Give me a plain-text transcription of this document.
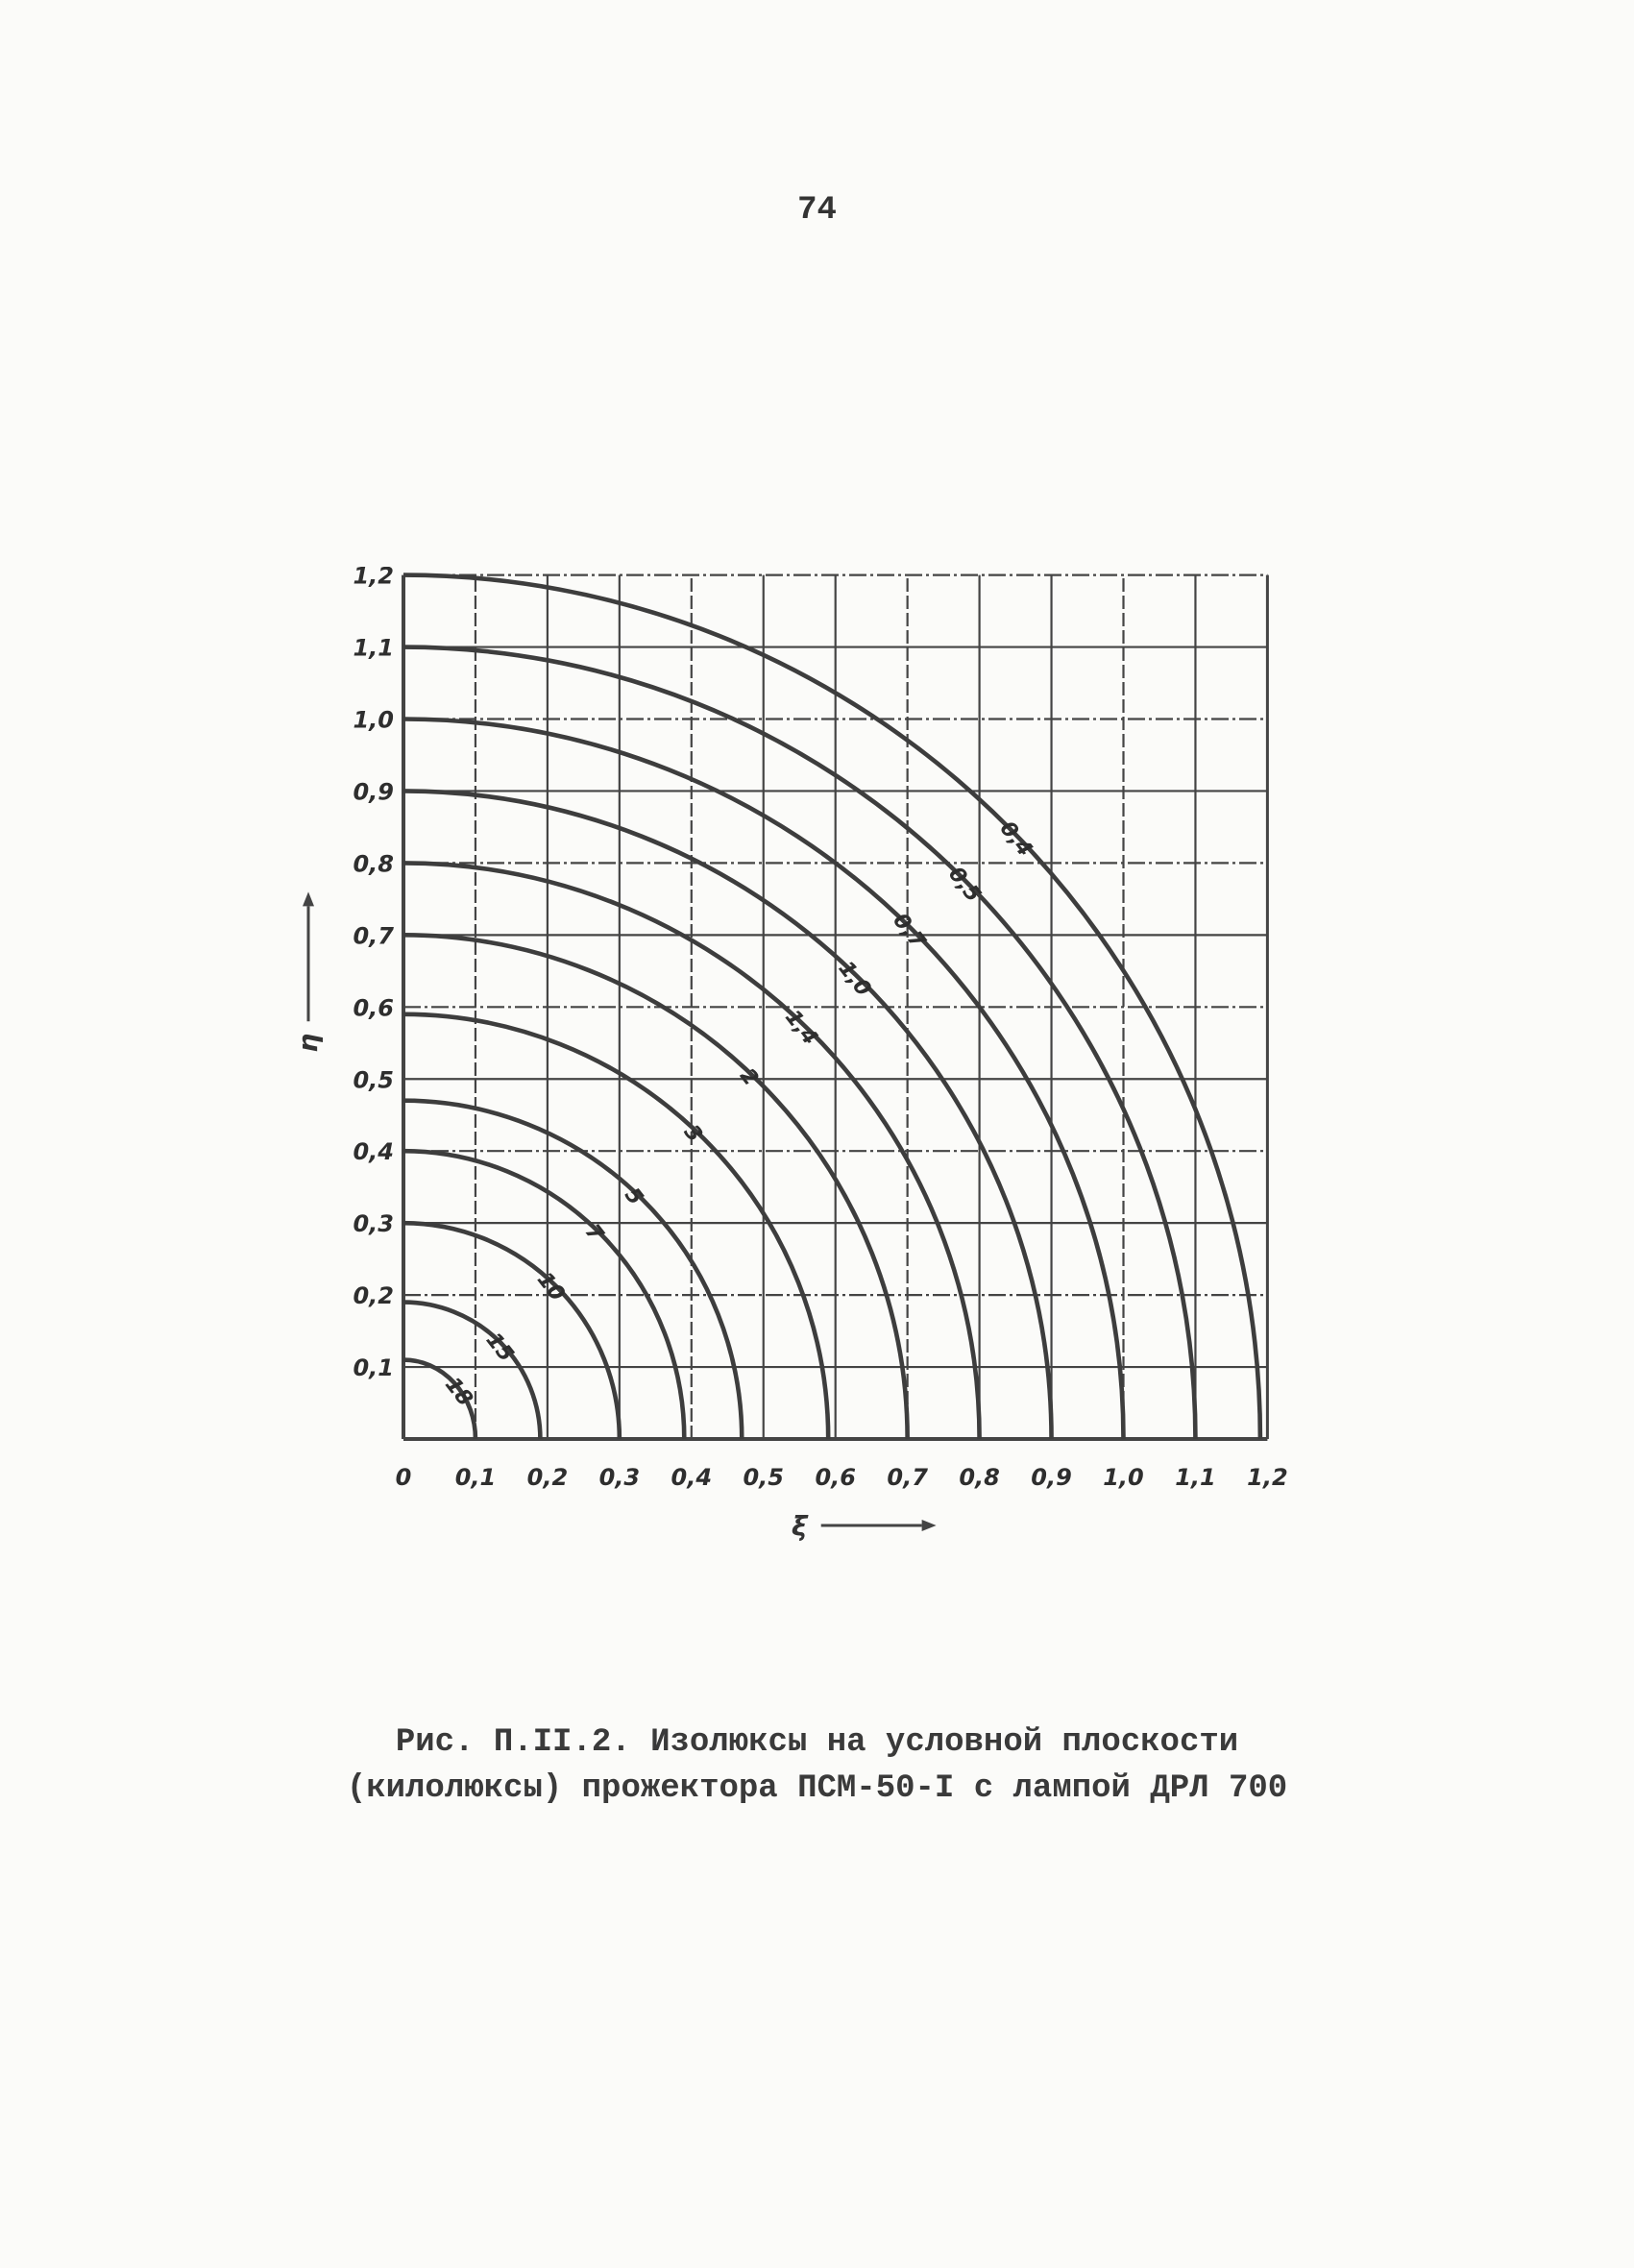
74
0 0,1 0,2 0,3 0,4 0,5 0,6 0,7 0,8 0,9 1,0 1,1 1,2
0,1
0,2
0,3
0,4
0,5
0,6
0,7
0,8
0,9
1,0
1,1
1,2
18
15
10
7
5
3
2
1,4
1,0
0,7
0,5
0,4
ξ
η
Рис. П.II.2. Изолюксы на условной плоскости
(килолюксы) прожектора ПСМ-50-I с лампой ДРЛ 700
